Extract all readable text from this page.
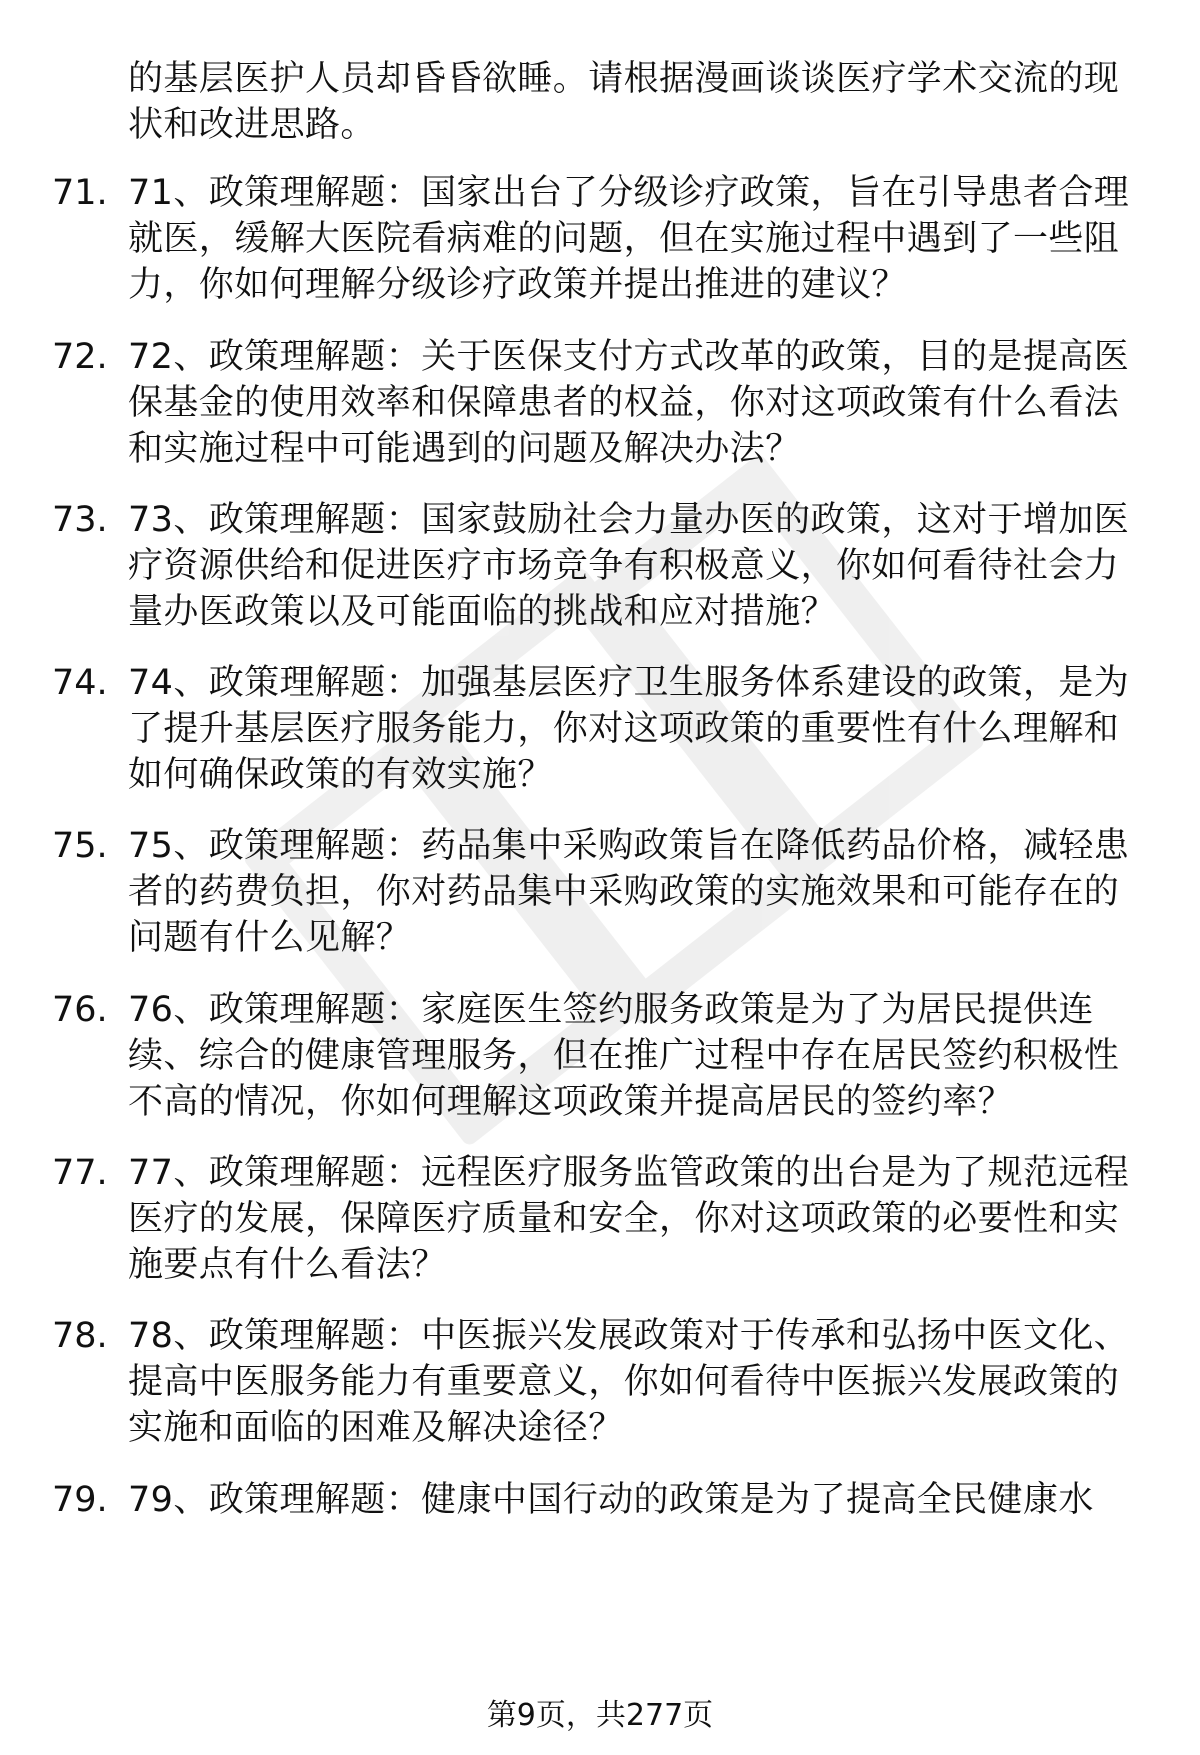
的基层医护人员却昏昏欲睡。请根据漫画谈谈医疗学术交流的现
状和改进思路。
71. 71、政策理解题：国家出台了分级诊疗政策，旨在引导患者合理
就医，缓解大医院看病难的问题，但在实施过程中遇到了一些阻
力，你如何理解分级诊疗政策并提出推进的建议？
72. 72、政策理解题：关于医保支付方式改革的政策，目的是提高医
保基金的使用效率和保障患者的权益，你对这项政策有什么看法
和实施过程中可能遇到的问题及解决办法？
73. 73、政策理解题：国家鼓励社会力量办医的政策，这对于增加医
疗资源供给和促进医疗市场竞争有积极意义，你如何看待社会力
量办医政策以及可能面临的挑战和应对措施？
74. 74、政策理解题：加强基层医疗卫生服务体系建设的政策，是为
了提升基层医疗服务能力，你对这项政策的重要性有什么理解和
如何确保政策的有效实施？
75. 75、政策理解题：药品集中采购政策旨在降低药品价格，减轻患
者的药费负担，你对药品集中采购政策的实施效果和可能存在的
问题有什么见解？
76. 76、政策理解题：家庭医生签约服务政策是为了为居民提供连
续、综合的健康管理服务，但在推广过程中存在居民签约积极性
不高的情况，你如何理解这项政策并提高居民的签约率？
77. 77、政策理解题：远程医疗服务监管政策的出台是为了规范远程
医疗的发展，保障医疗质量和安全，你对这项政策的必要性和实
施要点有什么看法？
78. 78、政策理解题：中医振兴发展政策对于传承和弘扬中医文化、
提高中医服务能力有重要意义，你如何看待中医振兴发展政策的
实施和面临的困难及解决途径？
79. 79、政策理解题：健康中国行动的政策是为了提高全民健康水
第9页，共277页
